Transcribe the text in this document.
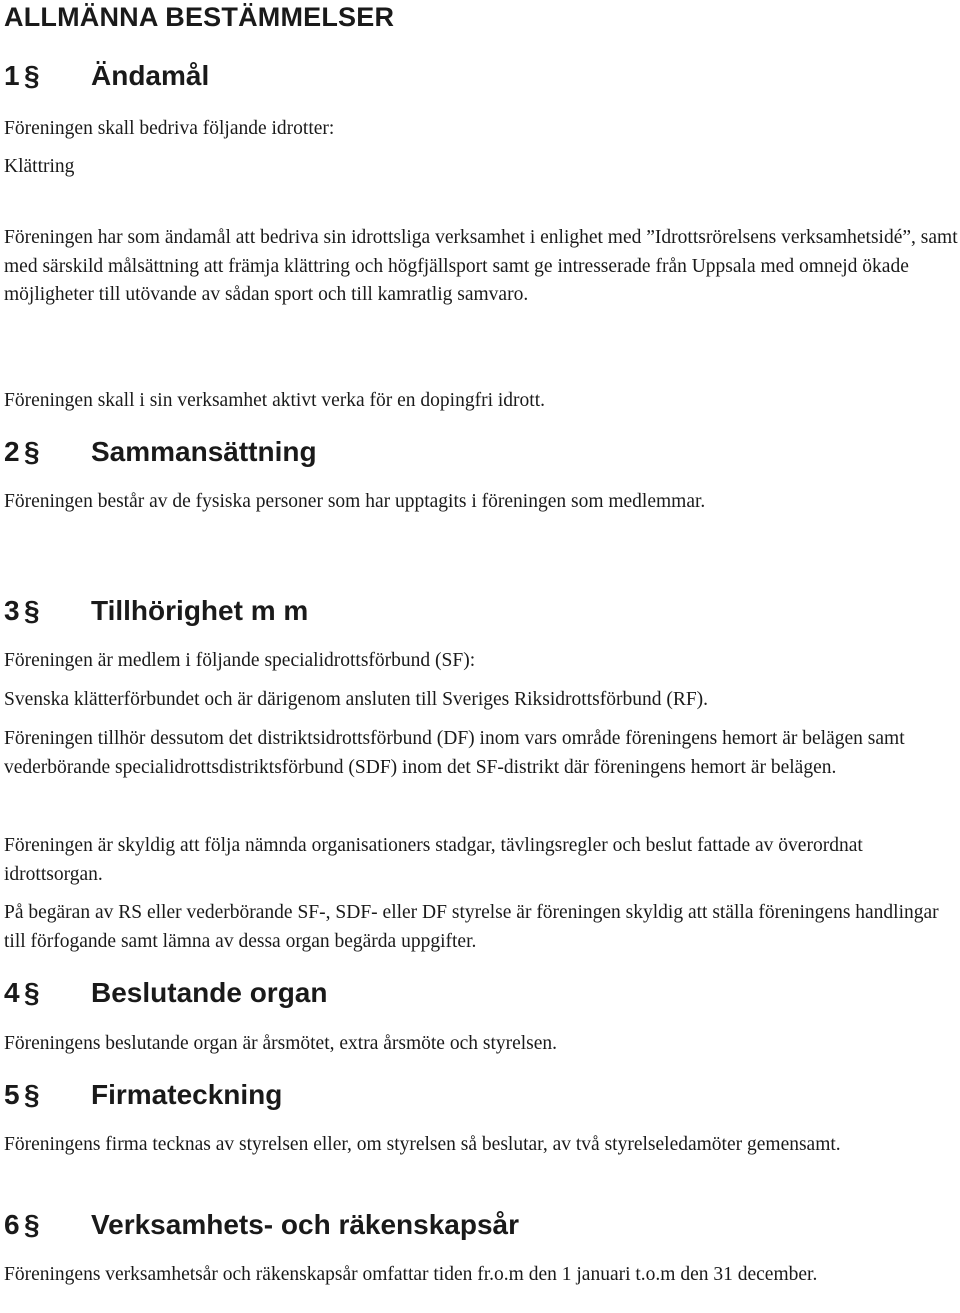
ALLMÄNNA BESTÄMMELSER
1 § Ändamål

Föreningen skall bedriva följande idrotter:

Klättring

Föreningen har som ändamål att bedriva sin idrottsliga verksamhet i enlighet med ”Idrottsrörelsens verksamhetsidé”, samt med särskild målsättning att främja klättring och högfjällsport samt ge intresserade från Uppsala med omnejd ökade möjligheter till utövande av sådan sport och till kamratlig samvaro.

Föreningen skall i sin verksamhet aktivt verka för en dopingfri idrott.

2 § Sammansättning

Föreningen består av de fysiska personer som har upptagits i föreningen som medlemmar.

3 § Tillhörighet m m

Föreningen är medlem i följande specialidrottsförbund (SF):

Svenska klätterförbundet och är därigenom ansluten till Sveriges Riksidrottsförbund (RF).

Föreningen tillhör dessutom det distriktsidrottsförbund (DF) inom vars område föreningens hemort är belägen samt vederbörande specialidrottsdistriktsförbund (SDF) inom det SF-distrikt där föreningens hemort är belägen.

Föreningen är skyldig att följa nämnda organisationers stadgar, tävlingsregler och beslut fattade av överordnat idrottsorgan.

På begäran av RS eller vederbörande SF-, SDF- eller DF styrelse är föreningen skyldig att ställa föreningens handlingar till förfogande samt lämna av dessa organ begärda uppgifter.

4 § Beslutande organ

Föreningens beslutande organ är årsmötet, extra årsmöte och styrelsen.

5 § Firmateckning

Föreningens firma tecknas av styrelsen eller, om styrelsen så beslutar, av två styrelseledamöter gemensamt.

6 § Verksamhets- och räkenskapsår

Föreningens verksamhetsår och räkenskapsår omfattar tiden fr.o.m den 1 januari t.o.m den 31 december.
